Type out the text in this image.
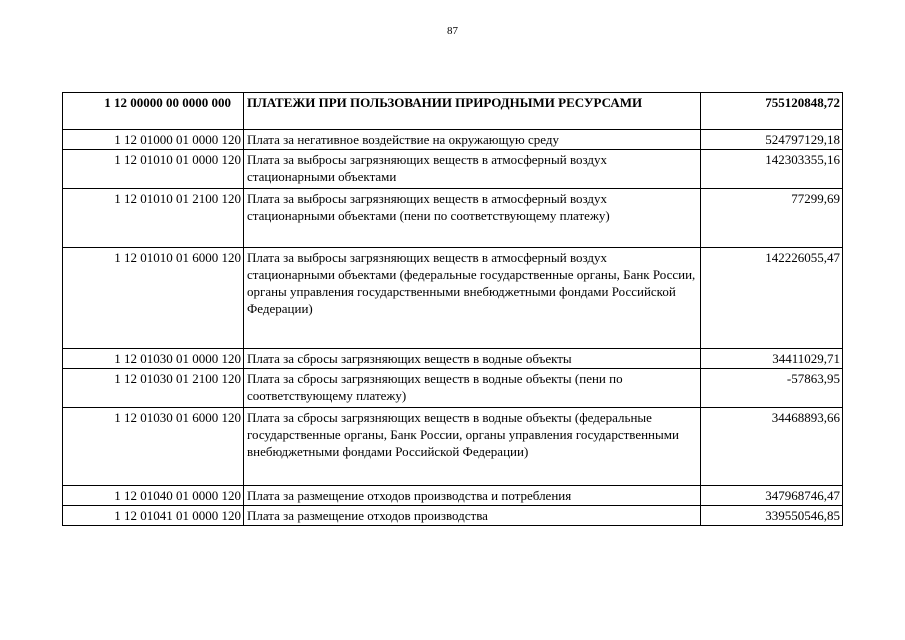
87
1 12 00000 00 0000 000	ПЛАТЕЖИ ПРИ ПОЛЬЗОВАНИИ ПРИРОДНЫМИ РЕСУРСАМИ	755120848,72
1 12 01000 01 0000 120	Плата за негативное воздействие на окружающую среду	524797129,18
1 12 01010 01 0000 120	Плата за выбросы загрязняющих веществ в атмосферный воздух стационарными объектами	142303355,16
1 12 01010 01 2100 120	Плата за выбросы загрязняющих веществ в атмосферный воздух стационарными объектами (пени по соответствующему платежу)	77299,69
1 12 01010 01 6000 120	Плата за выбросы загрязняющих веществ в атмосферный воздух стационарными объектами (федеральные государственные органы, Банк России, органы управления государственными внебюджетными фондами Российской Федерации)	142226055,47
1 12 01030 01 0000 120	Плата за сбросы загрязняющих веществ в водные объекты	34411029,71
1 12 01030 01 2100 120	Плата за сбросы загрязняющих веществ в водные объекты (пени по соответствующему платежу)	-57863,95
1 12 01030 01 6000 120	Плата за сбросы загрязняющих веществ в водные объекты (федеральные государственные органы, Банк России, органы управления государственными внебюджетными фондами Российской Федерации)	34468893,66
1 12 01040 01 0000 120	Плата за размещение отходов производства и потребления	347968746,47
1 12 01041 01 0000 120	Плата за размещение отходов производства	339550546,85
